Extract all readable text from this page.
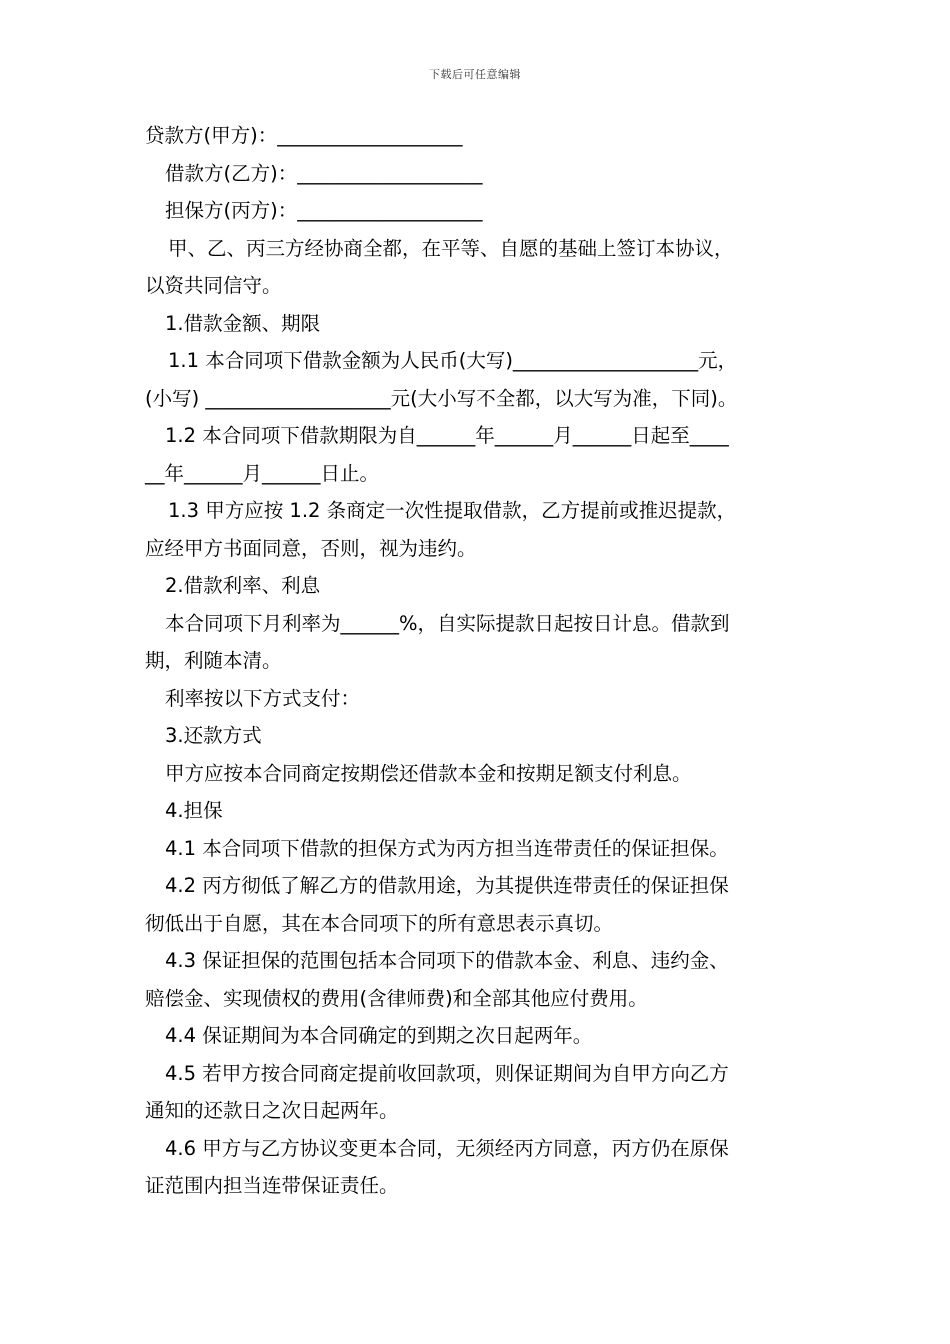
下载后可任意编辑
贷款方(甲方)：___________________
借款方(乙方)：___________________
担保方(丙方)：___________________
甲、乙、丙三方经协商全都，在平等、自愿的基础上签订本协议，
以资共同信守。
1.借款金额、期限
1.1 本合同项下借款金额为人民币(大写)___________________元，
(小写) ___________________元(大小写不全都，以大写为准，下同)。
1.2 本合同项下借款期限为自______年______月______日起至____
__年______月______日止。
1.3 甲方应按 1.2 条商定一次性提取借款，乙方提前或推迟提款，
应经甲方书面同意，否则，视为违约。
2.借款利率、利息
本合同项下月利率为______%，自实际提款日起按日计息。借款到
期，利随本清。
利率按以下方式支付：
3.还款方式
甲方应按本合同商定按期偿还借款本金和按期足额支付利息。
4.担保
4.1 本合同项下借款的担保方式为丙方担当连带责任的保证担保。
4.2 丙方彻低了解乙方的借款用途，为其提供连带责任的保证担保
彻低出于自愿，其在本合同项下的所有意思表示真切。
4.3 保证担保的范围包括本合同项下的借款本金、利息、违约金、
赔偿金、实现债权的费用(含律师费)和全部其他应付费用。
4.4 保证期间为本合同确定的到期之次日起两年。
4.5 若甲方按合同商定提前收回款项，则保证期间为自甲方向乙方
通知的还款日之次日起两年。
4.6 甲方与乙方协议变更本合同，无须经丙方同意，丙方仍在原保
证范围内担当连带保证责任。
